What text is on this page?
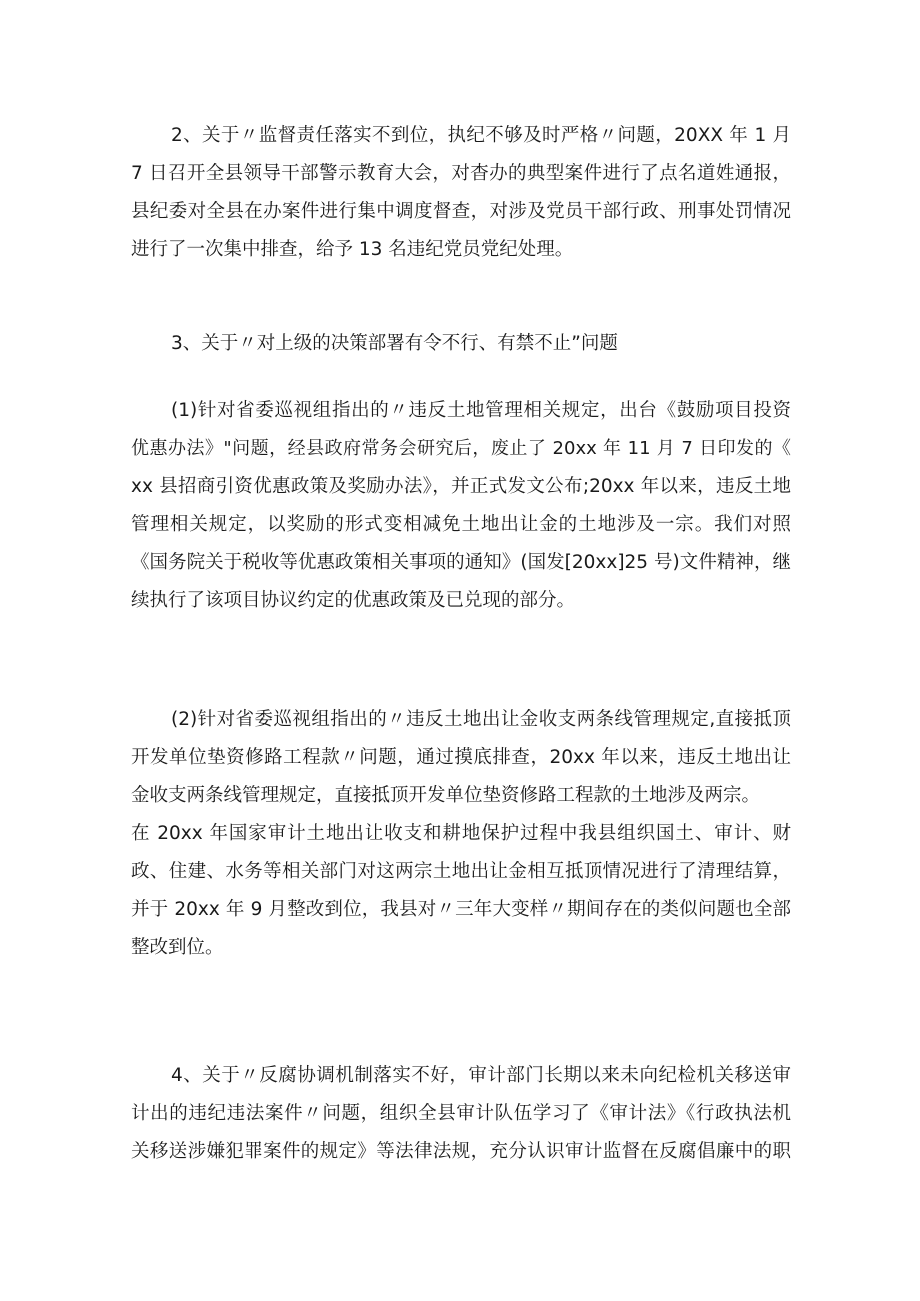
2、关于〃监督责任落实不到位，执纪不够及时严格〃问题，20XX 年 1 月
7 日召开全县领导干部警示教育大会，对杳办的典型案件进行了点名道姓通报，
县纪委对全县在办案件进行集中调度督查，对涉及党员干部行政、刑事处罚情况
进行了一次集中排查，给予 13 名违纪党员党纪处理。
3、关于〃对上级的决策部署有令不行、有禁不止”问题
(1)针对省委巡视组指出的〃违反土地管理相关规定，出台《鼓励项目投资
优惠办法》"问题，经县政府常务会研究后，废止了 20xx 年 11 月 7 日印发的《
xx 县招商引资优惠政策及奖励办法》，并正式发文公布;20xx 年以来，违反土地
管理相关规定，以奖励的形式变相减免土地出让金的土地涉及一宗。我们对照
《国务院关于税收等优惠政策相关事项的通知》(国发[20xx]25 号)文件精神，继
续执行了该项目协议约定的优惠政策及已兑现的部分。
(2)针对省委巡视组指出的〃违反土地出让金收支两条线管理规定,直接抵顶
开发单位垫资修路工程款〃问题，通过摸底排查，20xx 年以来，违反土地出让
金收支两条线管理规定，直接抵顶开发单位垫资修路工程款的土地涉及两宗。
在 20xx 年国家审计土地出让收支和耕地保护过程中我县组织国土、审计、财
政、住建、水务等相关部门对这两宗土地出让金相互抵顶情况进行了清理结算，
并于 20xx 年 9 月整改到位，我县对〃三年大变样〃期间存在的类似问题也全部
整改到位。
4、关于〃反腐协调机制落实不好，审计部门长期以来未向纪检机关移送审
计出的违纪违法案件〃问题，组织全县审计队伍学习了《审计法》《行政执法机
关移送涉嫌犯罪案件的规定》等法律法规，充分认识审计监督在反腐倡廉中的职
